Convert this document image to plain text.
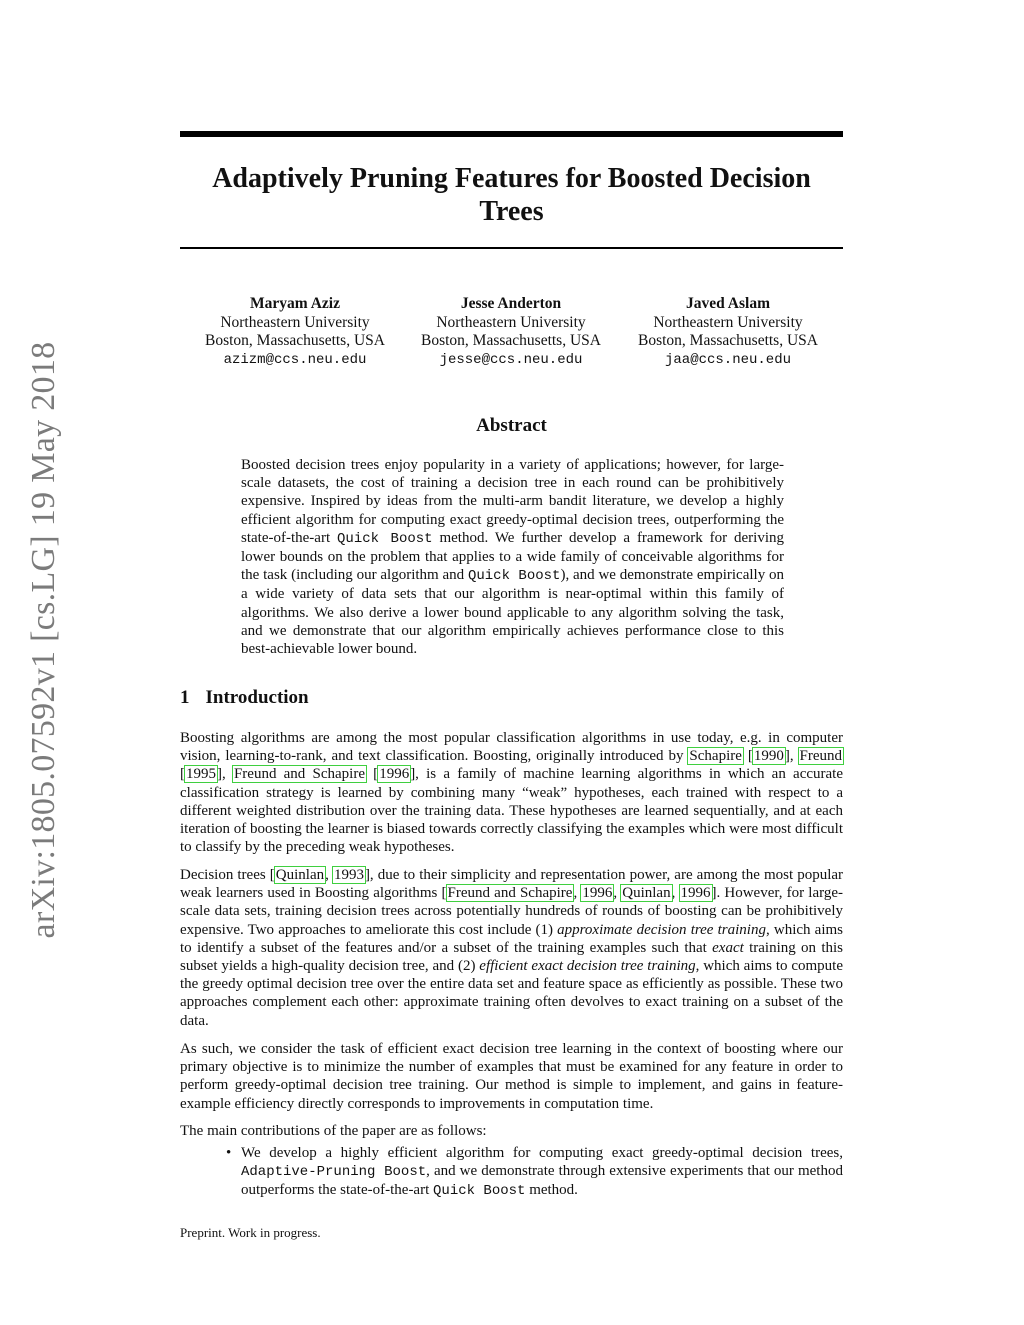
arXiv:1805.07592v1 [cs.LG] 19 May 2018
Adaptively Pruning Features for Boosted Decision Trees
Maryam Aziz
Northeastern University
Boston, Massachusetts, USA
azizm@ccs.neu.edu
Jesse Anderton
Northeastern University
Boston, Massachusetts, USA
jesse@ccs.neu.edu
Javed Aslam
Northeastern University
Boston, Massachusetts, USA
jaa@ccs.neu.edu
Abstract

Boosted decision trees enjoy popularity in a variety of applications; however, for large-scale datasets, the cost of training a decision tree in each round can be prohibitively expensive. Inspired by ideas from the multi-arm bandit literature, we develop a highly efficient algorithm for computing exact greedy-optimal decision trees, outperforming the state-of-the-art Quick Boost method. We further develop a framework for deriving lower bounds on the problem that applies to a wide family of conceivable algorithms for the task (including our algorithm and Quick Boost), and we demonstrate empirically on a wide variety of data sets that our algorithm is near-optimal within this family of algorithms. We also derive a lower bound applicable to any algorithm solving the task, and we demonstrate that our algorithm empirically achieves performance close to this best-achievable lower bound.

1 Introduction

Boosting algorithms are among the most popular classification algorithms in use today, e.g. in computer vision, learning-to-rank, and text classification. Boosting, originally introduced by Schapire [1990], Freund [1995], Freund and Schapire [1996], is a family of machine learning algorithms in which an accurate classification strategy is learned by combining many “weak” hypotheses, each trained with respect to a different weighted distribution over the training data. These hypotheses are learned sequentially, and at each iteration of boosting the learner is biased towards correctly classifying the examples which were most difficult to classify by the preceding weak hypotheses.

Decision trees [Quinlan, 1993], due to their simplicity and representation power, are among the most popular weak learners used in Boosting algorithms [Freund and Schapire, 1996, Quinlan, 1996]. However, for large-scale data sets, training decision trees across potentially hundreds of rounds of boosting can be prohibitively expensive. Two approaches to ameliorate this cost include (1) approximate decision tree training, which aims to identify a subset of the features and/or a subset of the training examples such that exact training on this subset yields a high-quality decision tree, and (2) efficient exact decision tree training, which aims to compute the greedy optimal decision tree over the entire data set and feature space as efficiently as possible. These two approaches complement each other: approximate training often devolves to exact training on a subset of the data.

As such, we consider the task of efficient exact decision tree learning in the context of boosting where our primary objective is to minimize the number of examples that must be examined for any feature in order to perform greedy-optimal decision tree training. Our method is simple to implement, and gains in feature-example efficiency directly corresponds to improvements in computation time.

The main contributions of the paper are as follows:

• We develop a highly efficient algorithm for computing exact greedy-optimal decision trees, Adaptive-Pruning Boost, and we demonstrate through extensive experiments that our method outperforms the state-of-the-art Quick Boost method.
Preprint. Work in progress.
